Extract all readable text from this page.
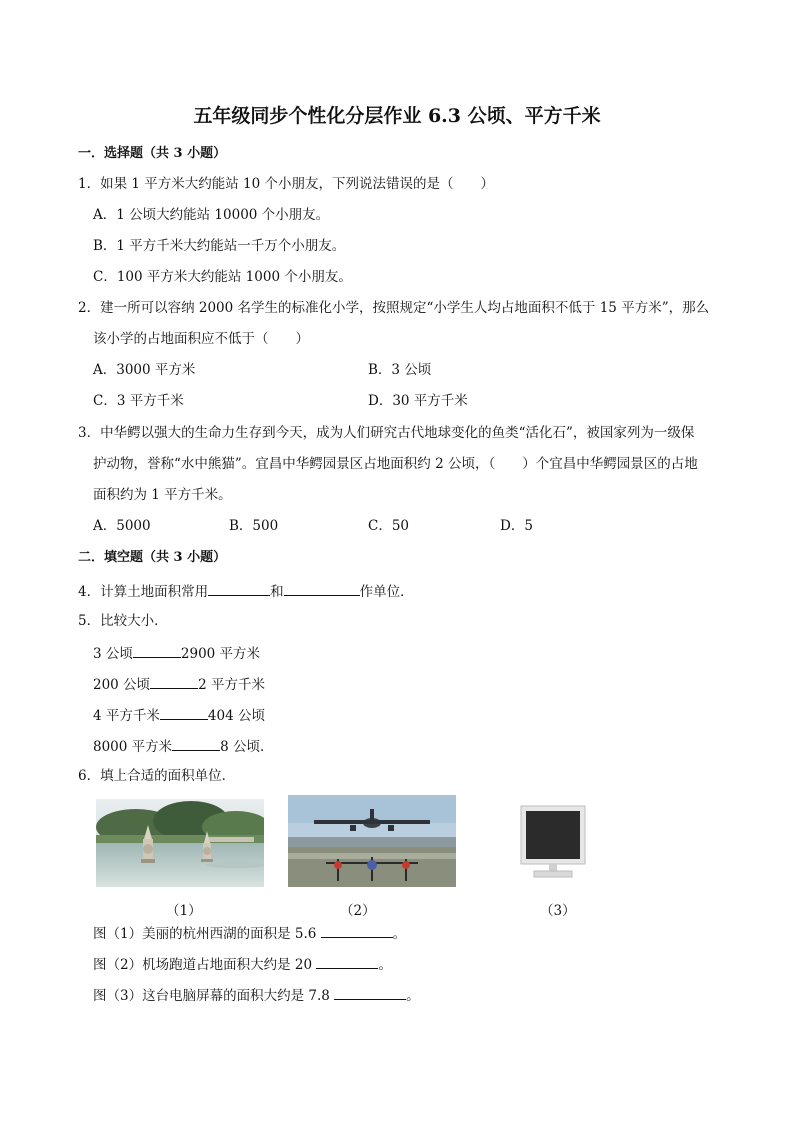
五年级同步个性化分层作业 6.3 公顷、平方千米
一．选择题（共 3 小题）
1．如果 1 平方米大约能站 10 个小朋友，下列说法错误的是（　　）
A．1 公顷大约能站 10000 个小朋友。
B．1 平方千米大约能站一千万个小朋友。
C．100 平方米大约能站 1000 个小朋友。
2．建一所可以容纳 2000 名学生的标准化小学，按照规定“小学生人均占地面积不低于 15 平方米”，那么
该小学的占地面积应不低于（　　）
A．3000 平方米	B．3 公顷
C．3 平方千米	D．30 平方千米
3．中华鳄以强大的生命力生存到今天，成为人们研究古代地球变化的鱼类“活化石”，被国家列为一级保
护动物，誉称“水中熊猫”。宜昌中华鳄园景区占地面积约 2 公顷，（　　）个宜昌中华鳄园景区的占地
面积约为 1 平方千米。
A．5000	B．500	C．50	D．5
二．填空题（共 3 小题）
4．计算土地面积常用	和	作单位．
5．比较大小．
3 公顷	2900 平方米
200 公顷	2 平方千米
4 平方千米	404 公顷
8000 平方米	8 公顷．
6．填上合适的面积单位．
（1）	（2）	（3）
图（1）美丽的杭州西湖的面积是 5.6	。
图（2）机场跑道占地面积大约是 20	。
图（3）这台电脑屏幕的面积大约是 7.8	。
